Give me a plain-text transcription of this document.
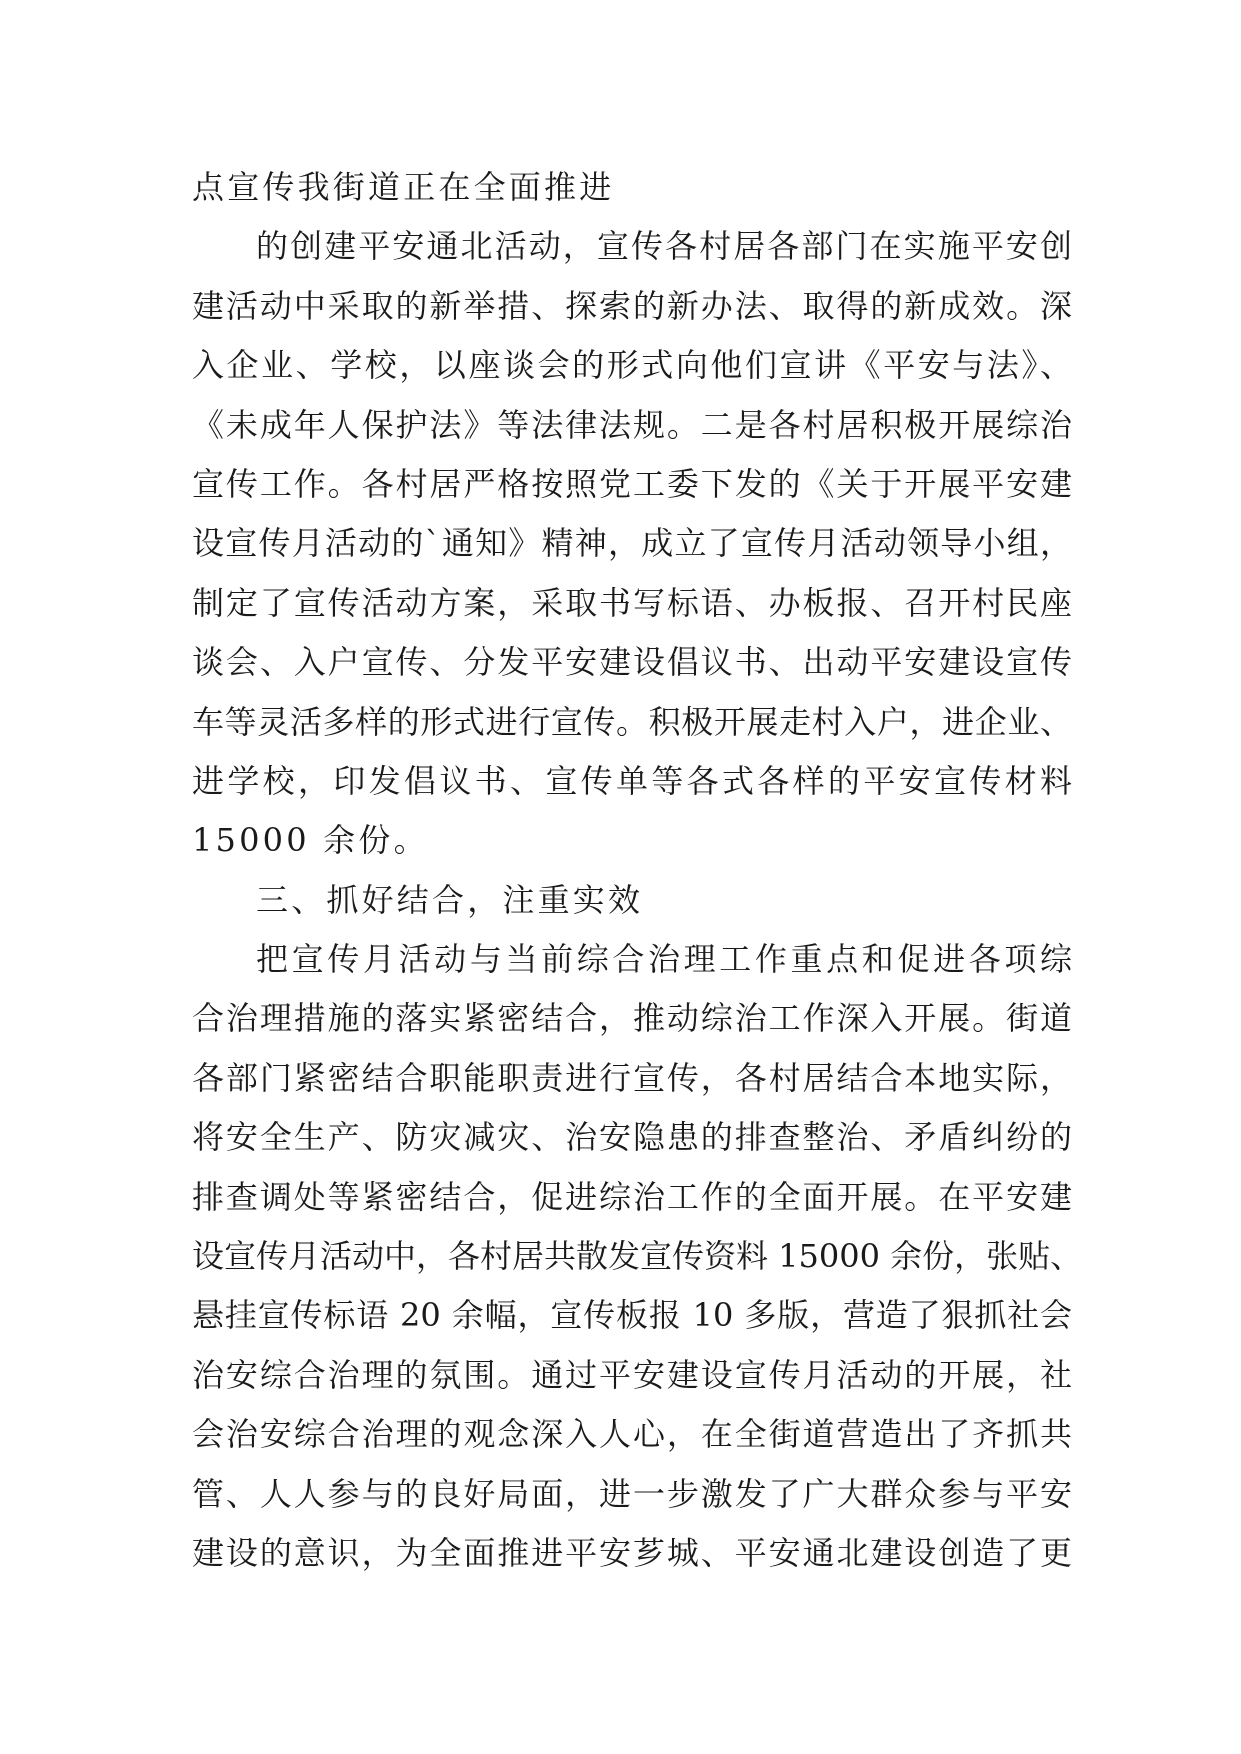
点宣传我街道正在全面推进
的创建平安通北活动，宣传各村居各部门在实施平安创
建活动中采取的新举措、探索的新办法、取得的新成效。深
入企业、学校，以座谈会的形式向他们宣讲《平安与法》、
《未成年人保护法》等法律法规。二是各村居积极开展综治
宣传工作。各村居严格按照党工委下发的《关于开展平安建
设宣传月活动的`通知》精神，成立了宣传月活动领导小组，
制定了宣传活动方案，采取书写标语、办板报、召开村民座
谈会、入户宣传、分发平安建设倡议书、出动平安建设宣传
车等灵活多样的形式进行宣传。积极开展走村入户，进企业、
进学校，印发倡议书、宣传单等各式各样的平安宣传材料
15000 余份。
三、抓好结合，注重实效
把宣传月活动与当前综合治理工作重点和促进各项综
合治理措施的落实紧密结合，推动综治工作深入开展。街道
各部门紧密结合职能职责进行宣传，各村居结合本地实际，
将安全生产、防灾减灾、治安隐患的排查整治、矛盾纠纷的
排查调处等紧密结合，促进综治工作的全面开展。在平安建
设宣传月活动中，各村居共散发宣传资料 15000 余份，张贴、
悬挂宣传标语 20 余幅，宣传板报 10 多版，营造了狠抓社会
治安综合治理的氛围。通过平安建设宣传月活动的开展，社
会治安综合治理的观念深入人心，在全街道营造出了齐抓共
管、人人参与的良好局面，进一步激发了广大群众参与平安
建设的意识，为全面推进平安芗城、平安通北建设创造了更
